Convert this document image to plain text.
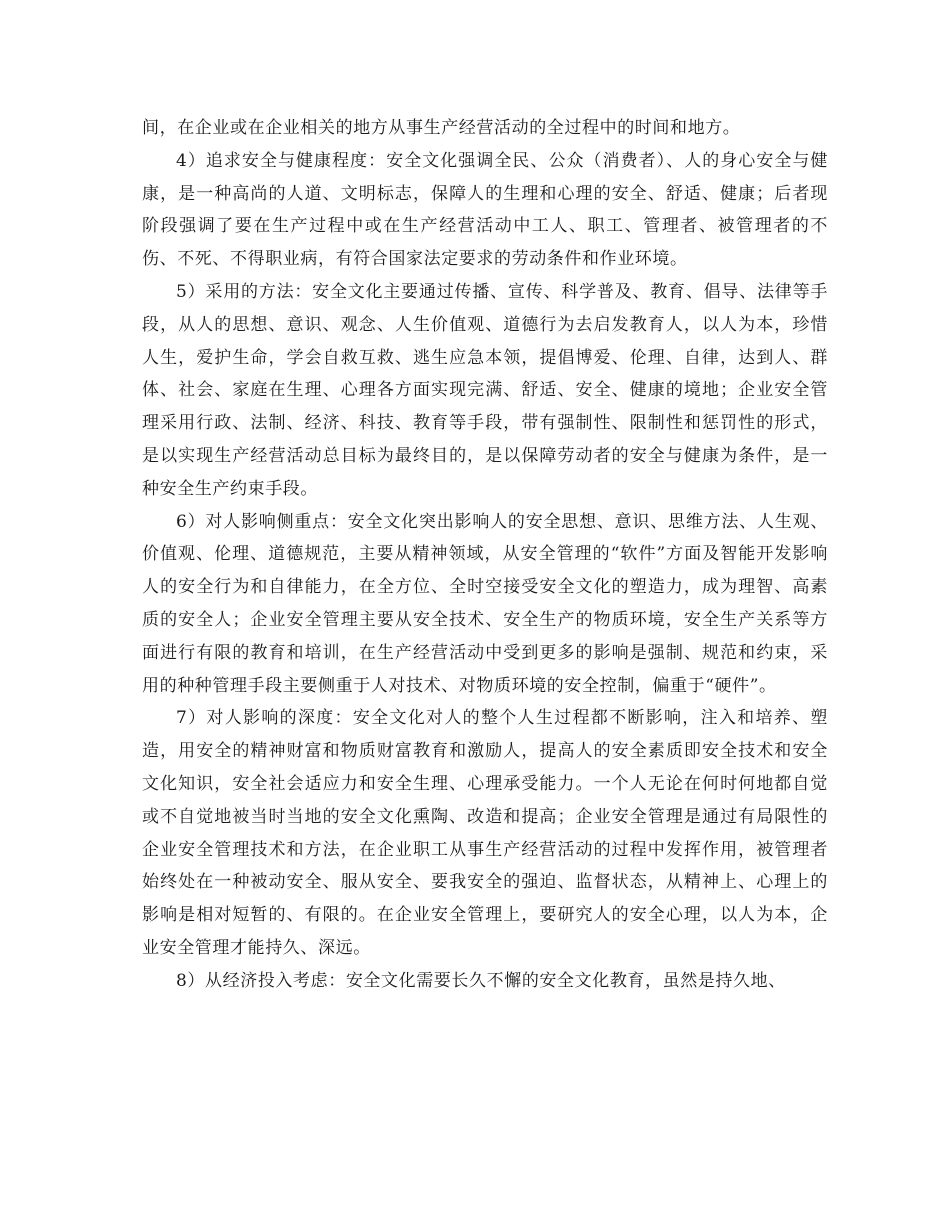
间，在企业或在企业相关的地方从事生产经营活动的全过程中的时间和地方。

4）追求安全与健康程度：安全文化强调全民、公众（消费者）、人的身心安全与健康，是一种高尚的人道、文明标志，保障人的生理和心理的安全、舒适、健康；后者现阶段强调了要在生产过程中或在生产经营活动中工人、职工、管理者、被管理者的不伤、不死、不得职业病，有符合国家法定要求的劳动条件和作业环境。

5）采用的方法：安全文化主要通过传播、宣传、科学普及、教育、倡导、法律等手段，从人的思想、意识、观念、人生价值观、道德行为去启发教育人，以人为本，珍惜人生，爱护生命，学会自救互救、逃生应急本领，提倡博爱、伦理、自律，达到人、群体、社会、家庭在生理、心理各方面实现完满、舒适、安全、健康的境地；企业安全管理采用行政、法制、经济、科技、教育等手段，带有强制性、限制性和惩罚性的形式，是以实现生产经营活动总目标为最终目的，是以保障劳动者的安全与健康为条件，是一种安全生产约束手段。

6）对人影响侧重点：安全文化突出影响人的安全思想、意识、思维方法、人生观、价值观、伦理、道德规范，主要从精神领域，从安全管理的“软件”方面及智能开发影响人的安全行为和自律能力，在全方位、全时空接受安全文化的塑造力，成为理智、高素质的安全人；企业安全管理主要从安全技术、安全生产的物质环境，安全生产关系等方面进行有限的教育和培训，在生产经营活动中受到更多的影响是强制、规范和约束，采用的种种管理手段主要侧重于人对技术、对物质环境的安全控制，偏重于“硬件”。

7）对人影响的深度：安全文化对人的整个人生过程都不断影响，注入和培养、塑造，用安全的精神财富和物质财富教育和激励人，提高人的安全素质即安全技术和安全文化知识，安全社会适应力和安全生理、心理承受能力。一个人无论在何时何地都自觉或不自觉地被当时当地的安全文化熏陶、改造和提高；企业安全管理是通过有局限性的企业安全管理技术和方法，在企业职工从事生产经营活动的过程中发挥作用，被管理者始终处在一种被动安全、服从安全、要我安全的强迫、监督状态，从精神上、心理上的影响是相对短暂的、有限的。在企业安全管理上，要研究人的安全心理，以人为本，企业安全管理才能持久、深远。

8）从经济投入考虑：安全文化需要长久不懈的安全文化教育，虽然是持久地、
